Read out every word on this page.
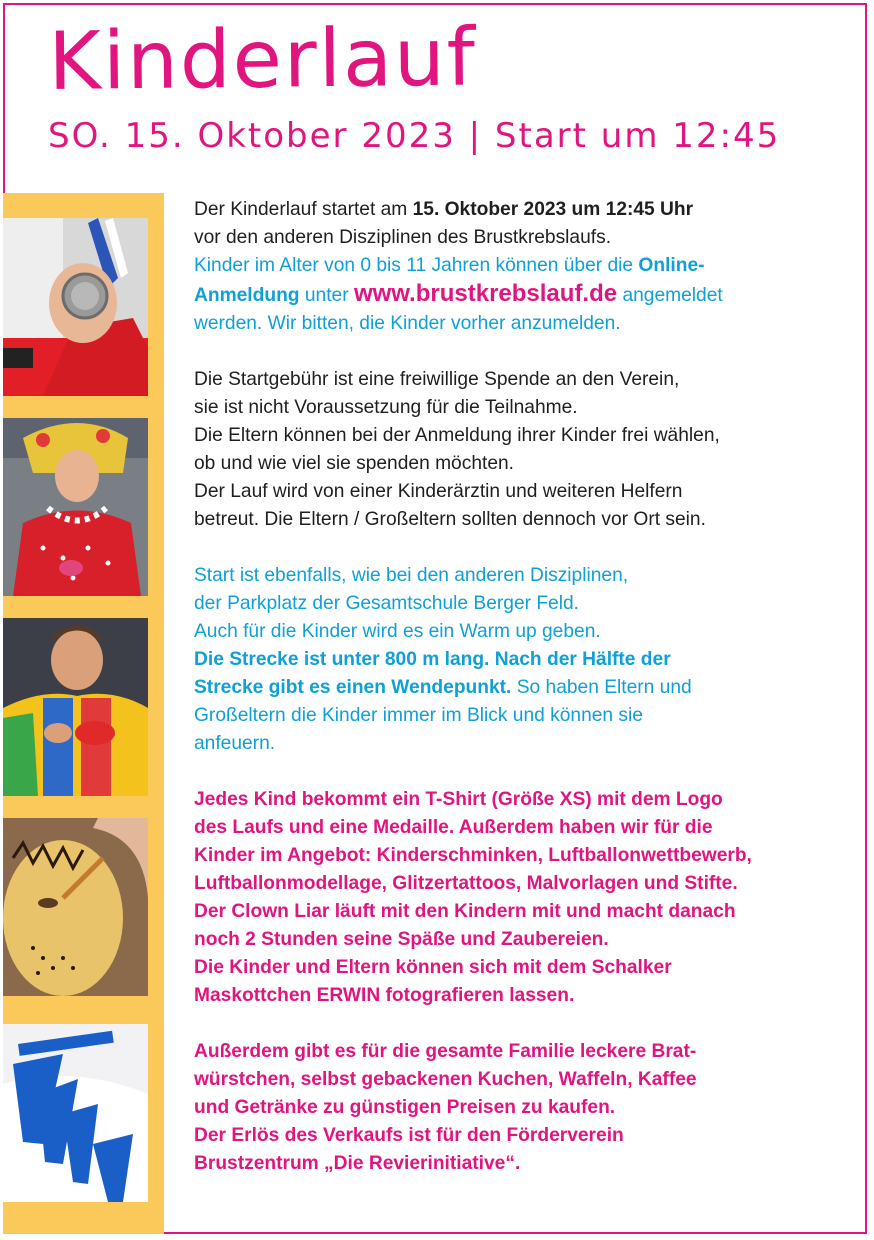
Kinderlauf
SO. 15. Oktober 2023 | Start um 12:45

Der Kinderlauf startet am 15. Oktober 2023 um 12:45 Uhr
vor den anderen Disziplinen des Brustkrebslaufs.
Kinder im Alter von 0 bis 11 Jahren können über die Online-
Anmeldung unter www.brustkrebslauf.de angemeldet
werden. Wir bitten, die Kinder vorher anzumelden.

Die Startgebühr ist eine freiwillige Spende an den Verein,
sie ist nicht Voraussetzung für die Teilnahme.
Die Eltern können bei der Anmeldung ihrer Kinder frei wählen,
ob und wie viel sie spenden möchten.
Der Lauf wird von einer Kinderärztin und weiteren Helfern
betreut. Die Eltern / Großeltern sollten dennoch vor Ort sein.

Start ist ebenfalls, wie bei den anderen Disziplinen,
der Parkplatz der Gesamtschule Berger Feld.
Auch für die Kinder wird es ein Warm up geben.
Die Strecke ist unter 800 m lang. Nach der Hälfte der
Strecke gibt es einen Wendepunkt. So haben Eltern und
Großeltern die Kinder immer im Blick und können sie
anfeuern.

Jedes Kind bekommt ein T-Shirt (Größe XS) mit dem Logo
des Laufs und eine Medaille. Außerdem haben wir für die
Kinder im Angebot: Kinderschminken, Luftballonwettbewerb,
Luftballonmodellage, Glitzertattoos, Malvorlagen und Stifte.
Der Clown Liar läuft mit den Kindern mit und macht danach
noch 2 Stunden seine Späße und Zaubereien.
Die Kinder und Eltern können sich mit dem Schalker
Maskottchen ERWIN fotografieren lassen.

Außerdem gibt es für die gesamte Familie leckere Brat-
würstchen, selbst gebackenen Kuchen, Waffeln, Kaffee
und Getränke zu günstigen Preisen zu kaufen.
Der Erlös des Verkaufs ist für den Förderverein
Brustzentrum „Die Revierinitiative“.
